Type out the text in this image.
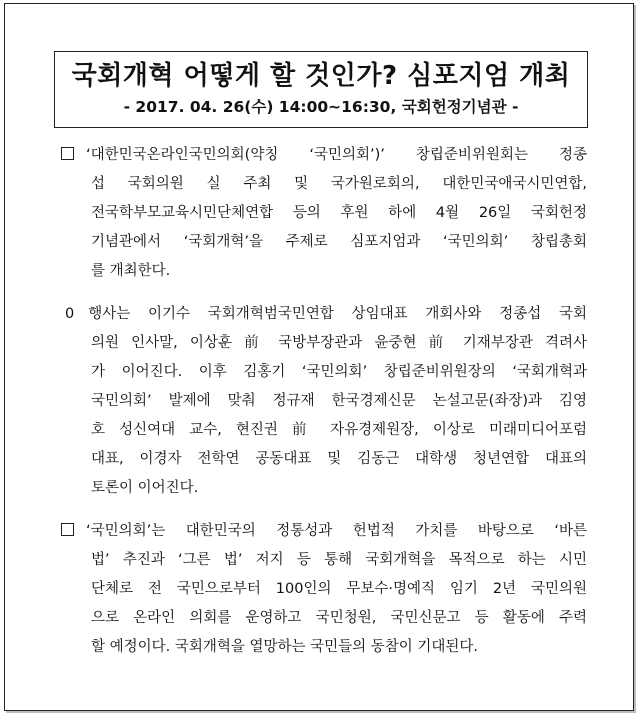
국회개혁 어떻게 할 것인가? 심포지엄 개최
- 2017. 04. 26(수) 14:00~16:30, 국회헌정기념관 -
‘대한민국온라인국민의회(약칭 ‘국민의회’)’ 창립준비위원회는 정종
섭 국회의원 실 주최 및 국가원로회의, 대한민국애국시민연합,
전국학부모교육시민단체연합 등의 후원 하에 4월 26일 국회헌정
기념관에서 ‘국회개혁’을 주제로 심포지엄과 ‘국민의회’ 창립총회
를 개최한다.
0 행사는 이기수 국회개혁범국민연합 상임대표 개회사와 정종섭 국회
의원 인사말, 이상훈 前 국방부장관과 윤중현 前 기재부장관 격려사
가 이어진다. 이후 김홍기 ‘국민의회’ 창립준비위원장의 ‘국회개혁과
국민의회’ 발제에 맞춰 정규재 한국경제신문 논설고문(좌장)과 김영
호 성신여대 교수, 현진권 前 자유경제원장, 이상로 미래미디어포럼
대표, 이경자 전학연 공동대표 및 김동근 대학생 청년연합 대표의
토론이 이어진다.
‘국민의회’는 대한민국의 정통성과 헌법적 가치를 바탕으로 ‘바른
법’ 추진과 ‘그른 법’ 저지 등 통해 국회개혁을 목적으로 하는 시민
단체로 전 국민으로부터 100인의 무보수·명예직 임기 2년 국민의원
으로 온라인 의회를 운영하고 국민청원, 국민신문고 등 활동에 주력
할 예정이다. 국회개혁을 열망하는 국민들의 동참이 기대된다.
